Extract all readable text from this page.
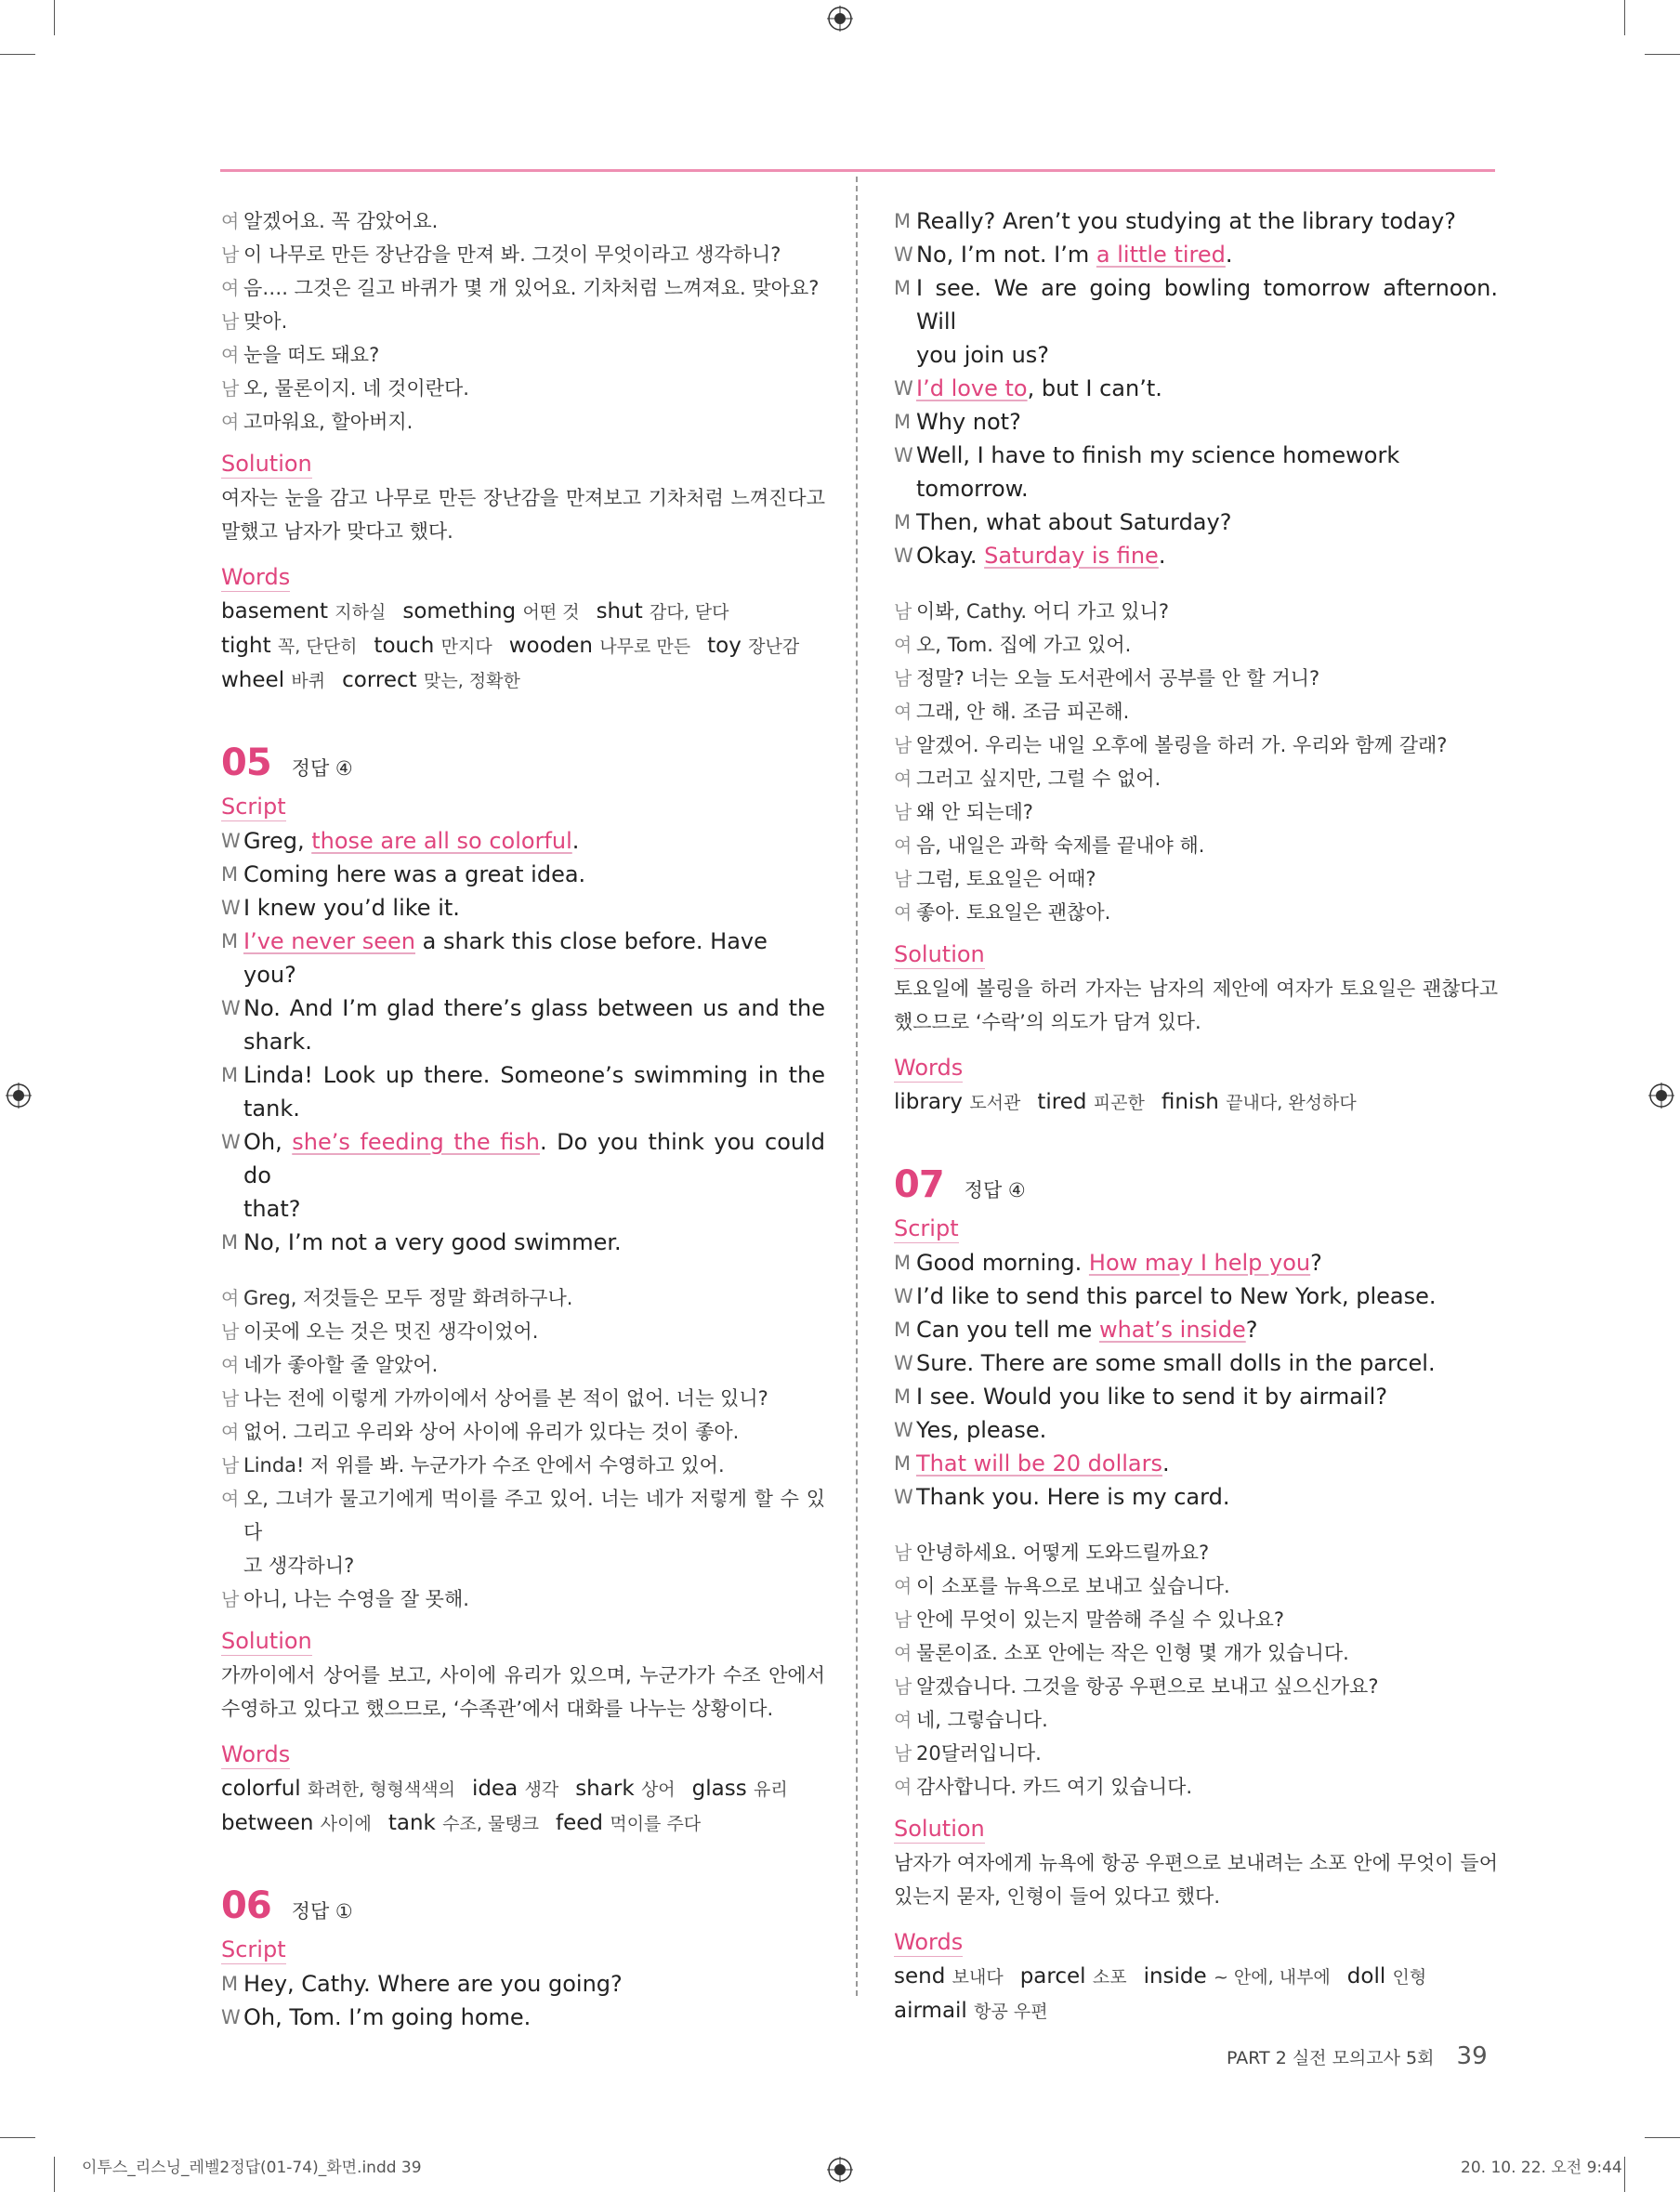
여 알겠어요. 꼭 감았어요.
남 이 나무로 만든 장난감을 만져 봐. 그것이 무엇이라고 생각하니?
여 음…. 그것은 길고 바퀴가 몇 개 있어요. 기차처럼 느껴져요. 맞아요?
남 맞아.
여 눈을 떠도 돼요?
남 오, 물론이지. 네 것이란다.
여 고마워요, 할아버지.
Solution
여자는 눈을 감고 나무로 만든 장난감을 만져보고 기차처럼 느껴진다고 말했고 남자가 맞다고 했다.
Words
basement 지하실 something 어떤 것 shut 감다, 닫다
tight 꼭, 단단히 touch 만지다 wooden 나무로 만든 toy 장난감
wheel 바퀴 correct 맞는, 정확한
05 정답 ④
Script
W Greg, those are all so colorful.
M Coming here was a great idea.
W I knew you’d like it.
M I’ve never seen a shark this close before. Have you?
W No. And I’m glad there’s glass between us and the
shark.
M Linda! Look up there. Someone’s swimming in the
tank.
W Oh, she’s feeding the fish. Do you think you could do
that?
M No, I’m not a very good swimmer.
여 Greg, 저것들은 모두 정말 화려하구나.
남 이곳에 오는 것은 멋진 생각이었어.
여 네가 좋아할 줄 알았어.
남 나는 전에 이렇게 가까이에서 상어를 본 적이 없어. 너는 있니?
여 없어. 그리고 우리와 상어 사이에 유리가 있다는 것이 좋아.
남 Linda! 저 위를 봐. 누군가가 수조 안에서 수영하고 있어.
여 오, 그녀가 물고기에게 먹이를 주고 있어. 너는 네가 저렇게 할 수 있다
고 생각하니?
남 아니, 나는 수영을 잘 못해.
Solution
가까이에서 상어를 보고, 사이에 유리가 있으며, 누군가가 수조 안에서 수영하고 있다고 했으므로, ‘수족관’에서 대화를 나누는 상황이다.
Words
colorful 화려한, 형형색색의 idea 생각 shark 상어 glass 유리
between 사이에 tank 수조, 물탱크 feed 먹이를 주다
06 정답 ①
Script
M Hey, Cathy. Where are you going?
W Oh, Tom. I’m going home.
M Really? Aren’t you studying at the library today?
W No, I’m not. I’m a little tired.
M I see. We are going bowling tomorrow afternoon. Will
you join us?
W I’d love to, but I can’t.
M Why not?
W Well, I have to finish my science homework tomorrow.
M Then, what about Saturday?
W Okay. Saturday is fine.
남 이봐, Cathy. 어디 가고 있니?
여 오, Tom. 집에 가고 있어.
남 정말? 너는 오늘 도서관에서 공부를 안 할 거니?
여 그래, 안 해. 조금 피곤해.
남 알겠어. 우리는 내일 오후에 볼링을 하러 가. 우리와 함께 갈래?
여 그러고 싶지만, 그럴 수 없어.
남 왜 안 되는데?
여 음, 내일은 과학 숙제를 끝내야 해.
남 그럼, 토요일은 어때?
여 좋아. 토요일은 괜찮아.
Solution
토요일에 볼링을 하러 가자는 남자의 제안에 여자가 토요일은 괜찮다고 했으므로 ‘수락’의 의도가 담겨 있다.
Words
library 도서관 tired 피곤한 finish 끝내다, 완성하다
07 정답 ④
Script
M Good morning. How may I help you?
W I’d like to send this parcel to New York, please.
M Can you tell me what’s inside?
W Sure. There are some small dolls in the parcel.
M I see. Would you like to send it by airmail?
W Yes, please.
M That will be 20 dollars.
W Thank you. Here is my card.
남 안녕하세요. 어떻게 도와드릴까요?
여 이 소포를 뉴욕으로 보내고 싶습니다.
남 안에 무엇이 있는지 말씀해 주실 수 있나요?
여 물론이죠. 소포 안에는 작은 인형 몇 개가 있습니다.
남 알겠습니다. 그것을 항공 우편으로 보내고 싶으신가요?
여 네, 그렇습니다.
남 20달러입니다.
여 감사합니다. 카드 여기 있습니다.
Solution
남자가 여자에게 뉴욕에 항공 우편으로 보내려는 소포 안에 무엇이 들어 있는지 묻자, 인형이 들어 있다고 했다.
Words
send 보내다 parcel 소포 inside ~ 안에, 내부에 doll 인형
airmail 항공 우편
PART 2 실전 모의고사 5회 39
이투스_리스닝_레벨2정답(01-74)_화면.indd 39	20. 10. 22. 오전 9:44
